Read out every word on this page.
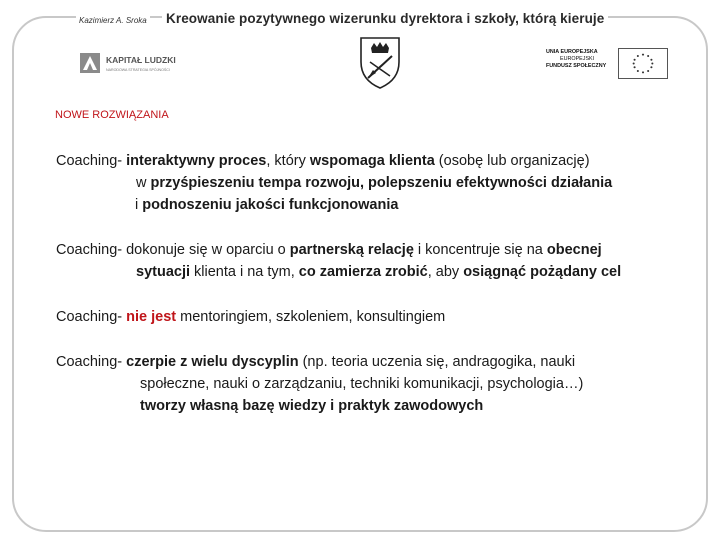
Kazimierz A. Sroka Kreowanie pozytywnego wizerunku dyrektora i szkoły, którą kieruje
KAPITAŁ LUDZKI
NARODOWA STRATEGIA SPÓJNOŚCI
UNIA EUROPEJSKA
EUROPEJSKI
FUNDUSZ SPOŁECZNY
NOWE ROZWIĄZANIA
Coaching- interaktywny proces, który wspomaga klienta (osobę lub organizację)
w przyśpieszeniu tempa rozwoju, polepszeniu efektywności działania
i podnoszeniu jakości funkcjonowania
Coaching- dokonuje się w oparciu o partnerską relację i koncentruje się na obecnej
sytuacji klienta i na tym, co zamierza zrobić, aby osiągnąć pożądany cel
Coaching- nie jest mentoringiem, szkoleniem, konsultingiem
Coaching- czerpie z wielu dyscyplin (np. teoria uczenia się, andragogika, nauki
społeczne, nauki o zarządzaniu, techniki komunikacji, psychologia…)
tworzy własną bazę wiedzy i praktyk zawodowych
